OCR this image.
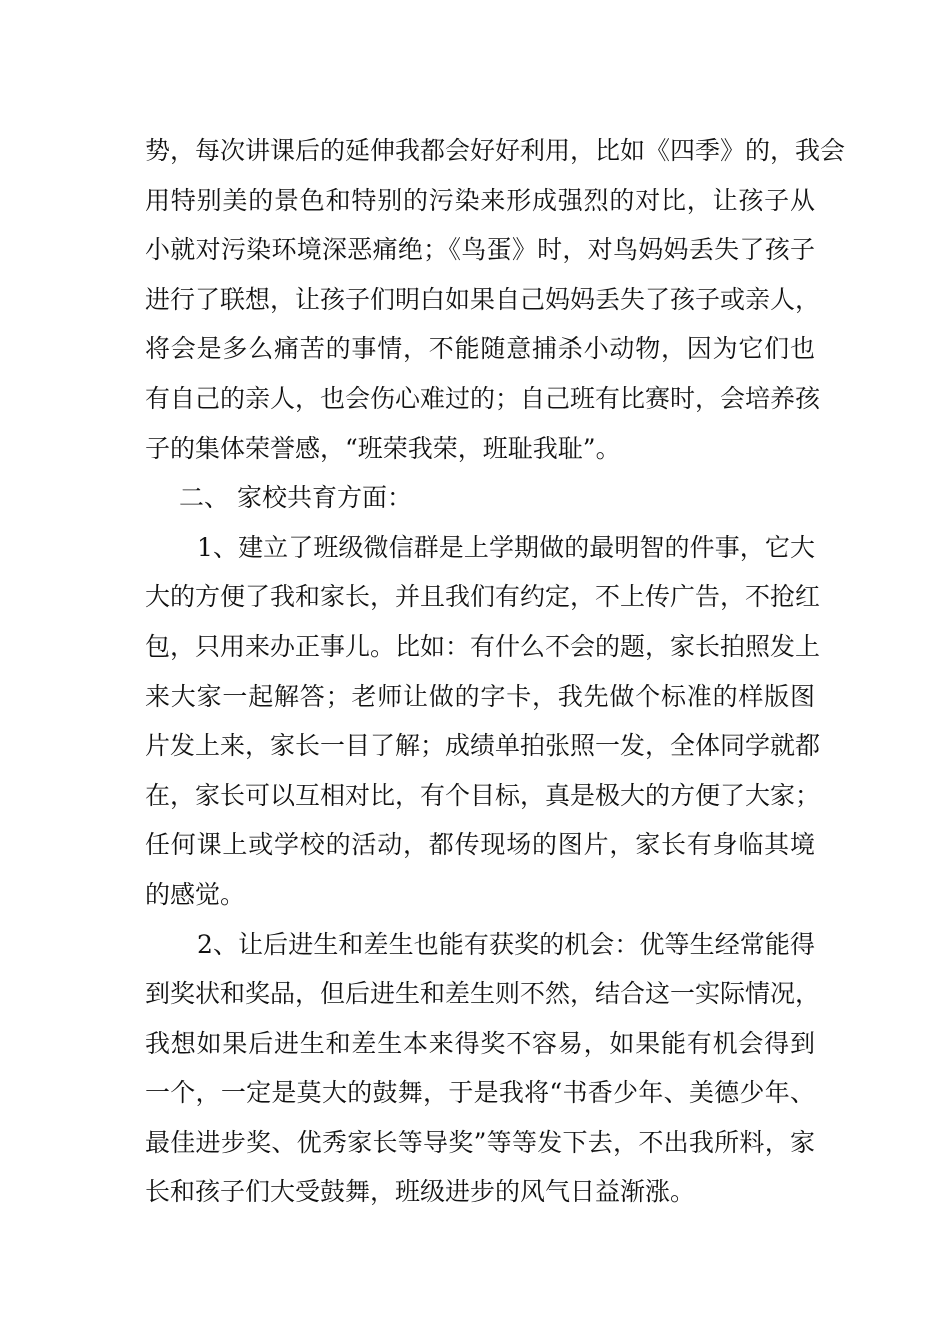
势，每次讲课后的延伸我都会好好利用，比如《四季》的，我会
用特别美的景色和特别的污染来形成强烈的对比，让孩子从
小就对污染环境深恶痛绝；《鸟蛋》时，对鸟妈妈丢失了孩子
进行了联想，让孩子们明白如果自己妈妈丢失了孩子或亲人，
将会是多么痛苦的事情，不能随意捕杀小动物，因为它们也
有自己的亲人，也会伤心难过的；自己班有比赛时，会培养孩
子的集体荣誉感，“班荣我荣，班耻我耻”。
二、 家校共育方面：
1、建立了班级微信群是上学期做的最明智的件事，它大
大的方便了我和家长，并且我们有约定，不上传广告，不抢红
包，只用来办正事儿。比如：有什么不会的题，家长拍照发上
来大家一起解答；老师让做的字卡，我先做个标准的样版图
片发上来，家长一目了解；成绩单拍张照一发，全体同学就都
在，家长可以互相对比，有个目标，真是极大的方便了大家；
任何课上或学校的活动，都传现场的图片，家长有身临其境
的感觉。
2、让后进生和差生也能有获奖的机会：优等生经常能得
到奖状和奖品，但后进生和差生则不然，结合这一实际情况，
我想如果后进生和差生本来得奖不容易，如果能有机会得到
一个，一定是莫大的鼓舞，于是我将“书香少年、美德少年、
最佳进步奖、优秀家长等导奖”等等发下去，不出我所料，家
长和孩子们大受鼓舞，班级进步的风气日益渐涨。
